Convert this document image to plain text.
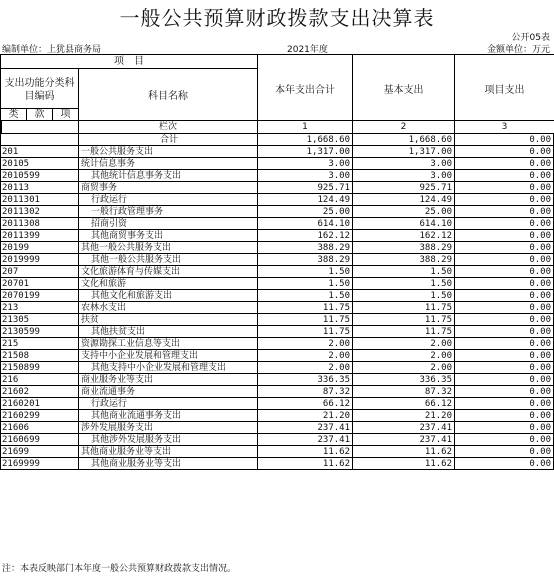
一般公共预算财政拨款支出决算表
公开05表
编制单位：上犹县商务局	2021年度	金额单位：万元
项　目
支出功能分类科目编码	科目名称
本年支出合计	基本支出	项目支出
类	款	项
栏次	1	2	3
合计	1,668.60	1,668.60	0.00
201	一般公共服务支出	1,317.00	1,317.00	0.00
20105	统计信息事务	3.00	3.00	0.00
2010599	其他统计信息事务支出	3.00	3.00	0.00
20113	商贸事务	925.71	925.71	0.00
2011301	行政运行	124.49	124.49	0.00
2011302	一般行政管理事务	25.00	25.00	0.00
2011308	招商引资	614.10	614.10	0.00
2011399	其他商贸事务支出	162.12	162.12	0.00
20199	其他一般公共服务支出	388.29	388.29	0.00
2019999	其他一般公共服务支出	388.29	388.29	0.00
207	文化旅游体育与传媒支出	1.50	1.50	0.00
20701	文化和旅游	1.50	1.50	0.00
2070199	其他文化和旅游支出	1.50	1.50	0.00
213	农林水支出	11.75	11.75	0.00
21305	扶贫	11.75	11.75	0.00
2130599	其他扶贫支出	11.75	11.75	0.00
215	资源勘探工业信息等支出	2.00	2.00	0.00
21508	支持中小企业发展和管理支出	2.00	2.00	0.00
2150899	其他支持中小企业发展和管理支出	2.00	2.00	0.00
216	商业服务业等支出	336.35	336.35	0.00
21602	商业流通事务	87.32	87.32	0.00
2160201	行政运行	66.12	66.12	0.00
2160299	其他商业流通事务支出	21.20	21.20	0.00
21606	涉外发展服务支出	237.41	237.41	0.00
2160699	其他涉外发展服务支出	237.41	237.41	0.00
21699	其他商业服务业等支出	11.62	11.62	0.00
2169999	其他商业服务业等支出	11.62	11.62	0.00
注：本表反映部门本年度一般公共预算财政拨款支出情况。
